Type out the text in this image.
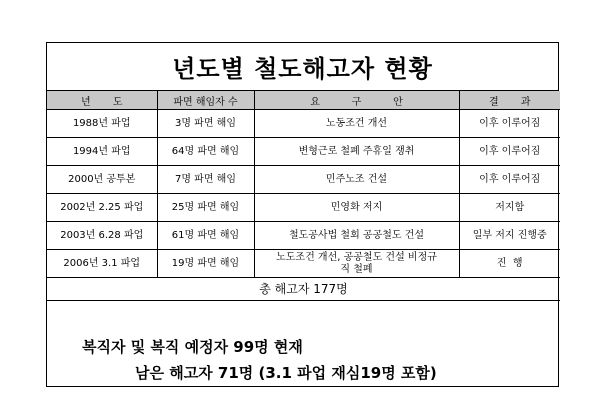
년도별 철도해고자 현황
년       도	파면 해임자 수	요          구          안	결       과
1988년 파업	3명 파면 해임	노동조건 개선	이후 이루어짐
1994년 파업	64명 파면 해임	변형근로 철폐 주휴일 쟁취	이후 이루어짐
2000년 공투본	7명 파면 해임	민주노조 건설	이후 이루어짐
2002년 2.25 파업	25명 파면 해임	민영화 저지	저지함
2003년 6.28 파업	61명 파면 해임	철도공사법 철회 공공철도 건설	일부 저지 진행중
2006년 3.1 파업	19명 파면 해임	노도조건 개선, 공공철도 건설 비정규직 철폐	진  행
총 해고자 177명			
복직자 및 복직 예정자 99명 현재
남은 해고자 71명 (3.1 파업 재심19명 포함)
